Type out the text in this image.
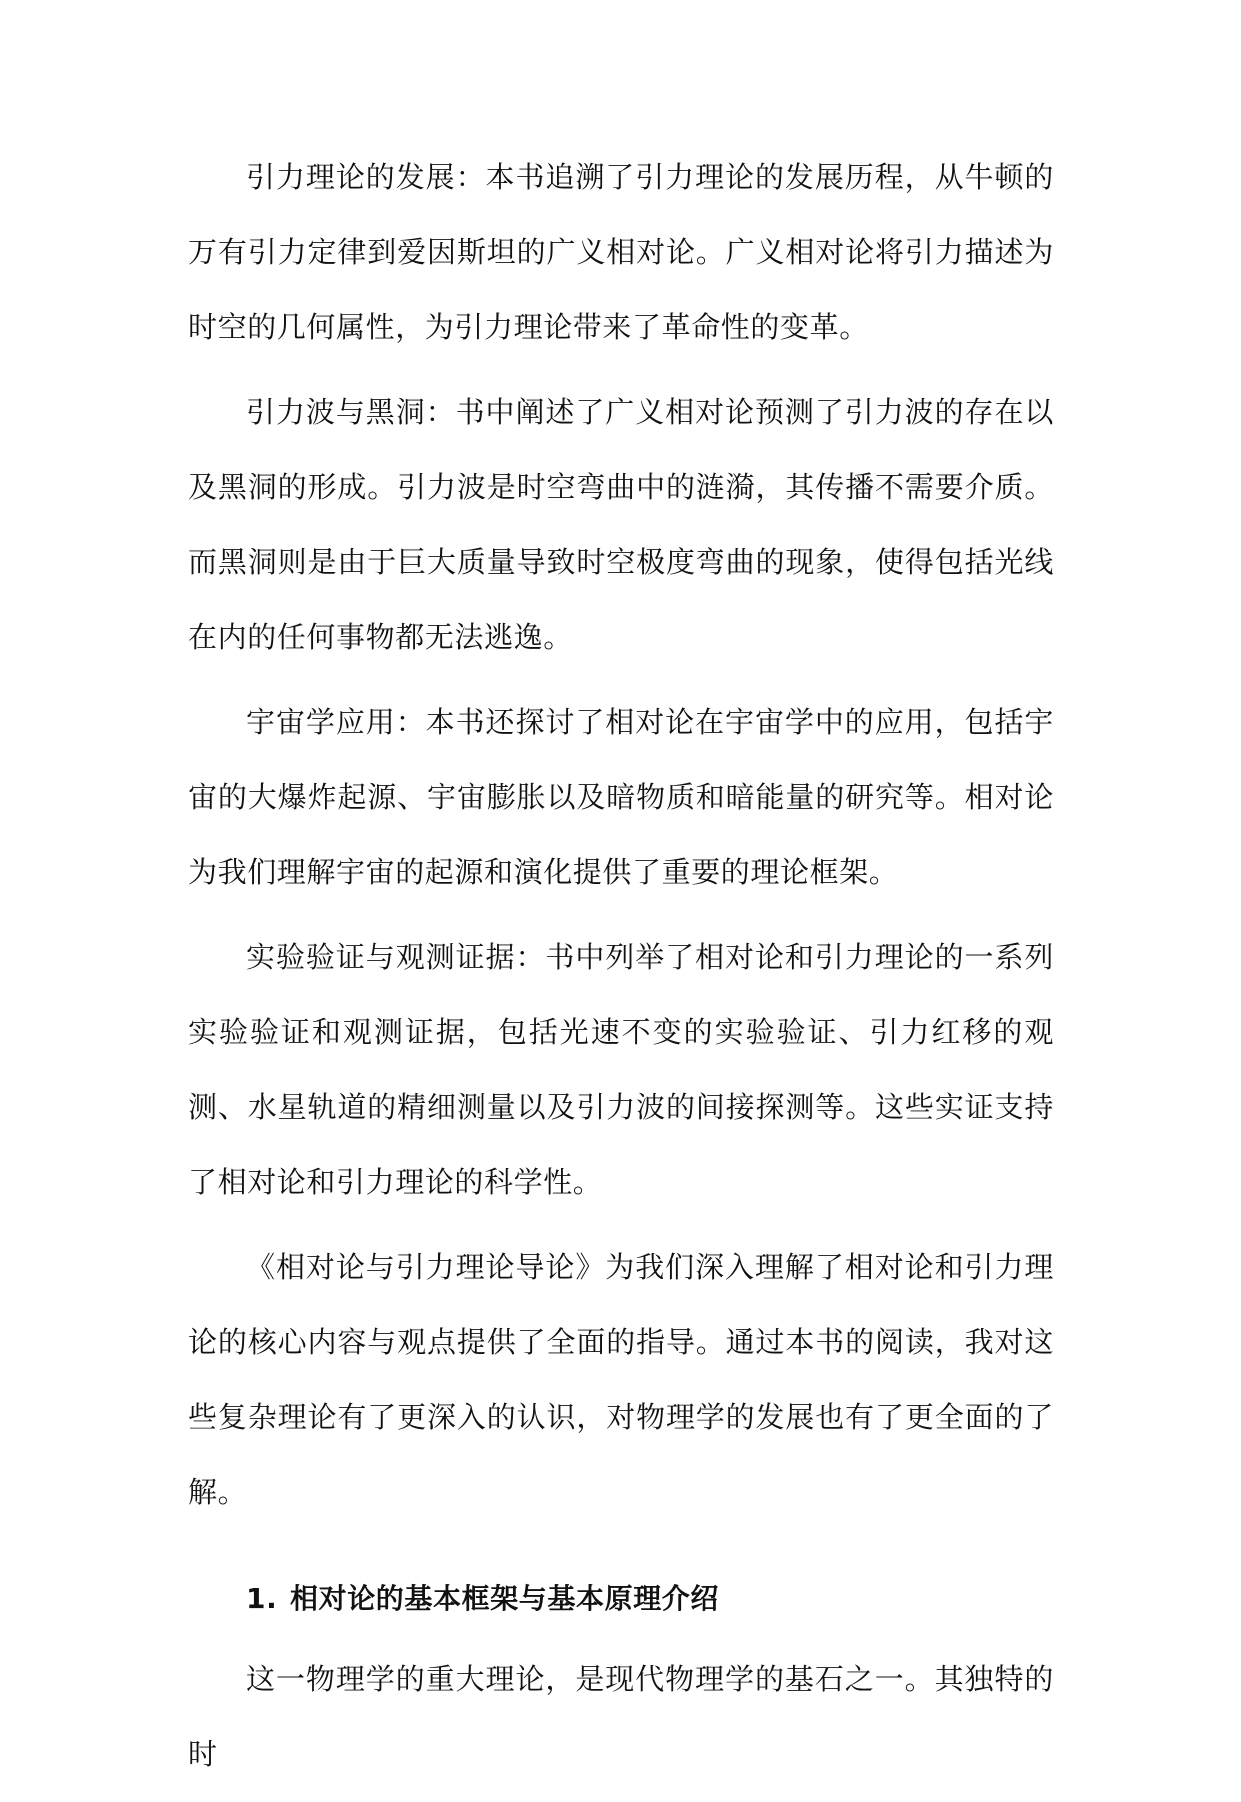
引力理论的发展：本书追溯了引力理论的发展历程，从牛顿的万有引力定律到爱因斯坦的广义相对论。广义相对论将引力描述为时空的几何属性，为引力理论带来了革命性的变革。

引力波与黑洞：书中阐述了广义相对论预测了引力波的存在以及黑洞的形成。引力波是时空弯曲中的涟漪，其传播不需要介质。而黑洞则是由于巨大质量导致时空极度弯曲的现象，使得包括光线在内的任何事物都无法逃逸。

宇宙学应用：本书还探讨了相对论在宇宙学中的应用，包括宇宙的大爆炸起源、宇宙膨胀以及暗物质和暗能量的研究等。相对论为我们理解宇宙的起源和演化提供了重要的理论框架。

实验验证与观测证据：书中列举了相对论和引力理论的一系列实验验证和观测证据，包括光速不变的实验验证、引力红移的观测、水星轨道的精细测量以及引力波的间接探测等。这些实证支持了相对论和引力理论的科学性。

《相对论与引力理论导论》为我们深入理解了相对论和引力理论的核心内容与观点提供了全面的指导。通过本书的阅读，我对这些复杂理论有了更深入的认识，对物理学的发展也有了更全面的了解。

1. 相对论的基本框架与基本原理介绍

这一物理学的重大理论，是现代物理学的基石之一。其独特的时
